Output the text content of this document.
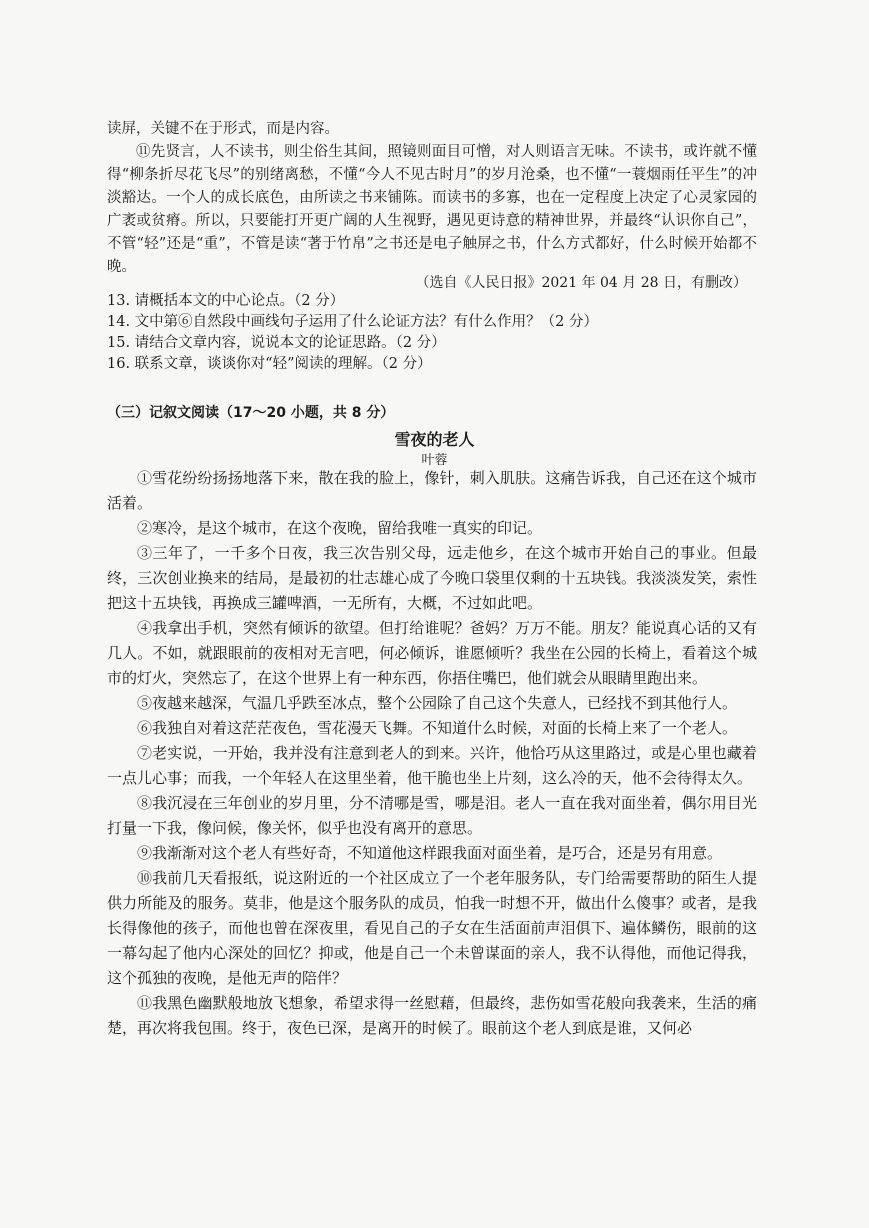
读屏，关键不在于形式，而是内容。

⑪先贤言，人不读书，则尘俗生其间，照镜则面目可憎，对人则语言无味。不读书，或许就不懂得“柳条折尽花飞尽”的别绪离愁，不懂“今人不见古时月”的岁月沧桑，也不懂“一蓑烟雨任平生”的冲淡豁达。一个人的成长底色，由所读之书来铺陈。而读书的多寡，也在一定程度上决定了心灵家园的广袤或贫瘠。所以，只要能打开更广阔的人生视野，遇见更诗意的精神世界，并最终“认识你自己”，不管“轻”还是“重”，不管是读“著于竹帛”之书还是电子触屏之书，什么方式都好，什么时候开始都不晚。

（选自《人民日报》2021 年 04 月 28 日，有删改）

13. 请概括本文的中心论点。（2 分）

14. 文中第⑥自然段中画线句子运用了什么论证方法？有什么作用？（2 分）

15. 请结合文章内容，说说本文的论证思路。（2 分）

16. 联系文章，谈谈你对“轻”阅读的理解。（2 分）

（三）记叙文阅读（17～20 小题，共 8 分）
雪夜的老人
叶蓉

①雪花纷纷扬扬地落下来，散在我的脸上，像针，刺入肌肤。这痛告诉我，自己还在这个城市活着。

②寒冷，是这个城市，在这个夜晚，留给我唯一真实的印记。

③三年了，一千多个日夜，我三次告别父母，远走他乡，在这个城市开始自己的事业。但最终，三次创业换来的结局，是最初的壮志雄心成了今晚口袋里仅剩的十五块钱。我淡淡发笑，索性把这十五块钱，再换成三罐啤酒，一无所有，大概，不过如此吧。

④我拿出手机，突然有倾诉的欲望。但打给谁呢？爸妈？万万不能。朋友？能说真心话的又有几人。不如，就跟眼前的夜相对无言吧，何必倾诉，谁愿倾听？我坐在公园的长椅上，看着这个城市的灯火，突然忘了，在这个世界上有一种东西，你捂住嘴巴，他们就会从眼睛里跑出来。

⑤夜越来越深，气温几乎跌至冰点，整个公园除了自己这个失意人，已经找不到其他行人。

⑥我独自对着这茫茫夜色，雪花漫天飞舞。不知道什么时候，对面的长椅上来了一个老人。

⑦老实说，一开始，我并没有注意到老人的到来。兴许，他恰巧从这里路过，或是心里也藏着一点儿心事；而我，一个年轻人在这里坐着，他干脆也坐上片刻，这么冷的天，他不会待得太久。

⑧我沉浸在三年创业的岁月里，分不清哪是雪，哪是泪。老人一直在我对面坐着，偶尔用目光打量一下我，像问候，像关怀，似乎也没有离开的意思。

⑨我渐渐对这个老人有些好奇，不知道他这样跟我面对面坐着，是巧合，还是另有用意。

⑩我前几天看报纸，说这附近的一个社区成立了一个老年服务队，专门给需要帮助的陌生人提供力所能及的服务。莫非，他是这个服务队的成员，怕我一时想不开，做出什么傻事？或者，是我长得像他的孩子，而他也曾在深夜里，看见自己的子女在生活面前声泪俱下、遍体鳞伤，眼前的这一幕勾起了他内心深处的回忆？抑或，他是自己一个未曾谋面的亲人，我不认得他，而他记得我，这个孤独的夜晚，是他无声的陪伴？

⑪我黑色幽默般地放飞想象，希望求得一丝慰藉，但最终，悲伤如雪花般向我袭来，生活的痛楚，再次将我包围。终于，夜色已深，是离开的时候了。眼前这个老人到底是谁，又何必
